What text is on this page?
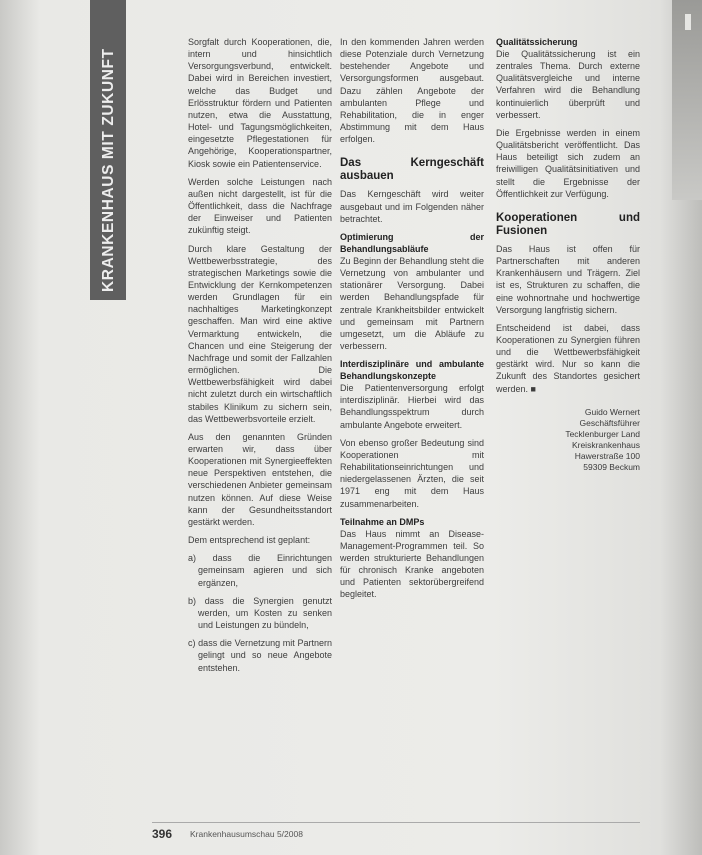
KRANKENHAUS MIT ZUKUNFT

Sorgfalt durch Kooperationen, die, intern und hinsichtlich Versorgungsverbund, entwickelt. Dabei wird in Bereichen investiert, welche das Budget und Erlösstruktur fördern und Patienten nutzen, etwa die Ausstattung, Hotel- und Tagungsmöglichkeiten, eingesetzte Pflegestationen für Angehörige, Kooperationspartner, Kiosk sowie ein Patientenservice.

Werden solche Leistungen nach außen nicht dargestellt, ist für die Öffentlichkeit, dass die Nachfrage der Einweiser und Patienten zukünftig steigt.

Durch klare Gestaltung der Wettbewerbsstrategie, des strategischen Marketings sowie die Entwicklung der Kernkompetenzen werden Grundlagen für ein nachhaltiges Marketingkonzept geschaffen. Man wird eine aktive Vermarktung entwickeln, die Chancen und eine Steigerung der Nachfrage und somit der Fallzahlen ermöglichen. Die Wettbewerbsfähigkeit wird dabei nicht zuletzt durch ein wirtschaftlich stabiles Klinikum zu sichern sein, das Wettbewerbsvorteile erzielt.

Aus den genannten Gründen erwarten wir, dass über Kooperationen mit Synergieeffekten neue Perspektiven entstehen, die verschiedenen Anbieter gemeinsam nutzen können. Auf diese Weise kann der Gesundheitsstandort gestärkt werden.

Dem entsprechend ist geplant:

a) dass die Einrichtungen gemeinsam agieren und sich ergänzen,

b) dass die Synergien genutzt werden, um Kosten zu senken und Leistungen zu bündeln,

c) dass die Vernetzung mit Partnern gelingt und so neue Angebote entstehen.

In den kommenden Jahren werden diese Potenziale durch Vernetzung bestehender Angebote und Versorgungsformen ausgebaut. Dazu zählen Angebote der ambulanten Pflege und Rehabilitation, die in enger Abstimmung mit dem Haus erfolgen.

Das Kerngeschäft ausbauen

Das Kerngeschäft wird weiter ausgebaut und im Folgenden näher betrachtet.

Optimierung der Behandlungsabläufe

Zu Beginn der Behandlung steht die Vernetzung von ambulanter und stationärer Versorgung. Dabei werden Behandlungspfade für zentrale Krankheitsbilder entwickelt und gemeinsam mit Partnern umgesetzt, um die Abläufe zu verbessern.

Interdisziplinäre und ambulante Behandlungskonzepte

Die Patientenversorgung erfolgt interdisziplinär. Hierbei wird das Behandlungsspektrum durch ambulante Angebote erweitert.

Von ebenso großer Bedeutung sind Kooperationen mit Rehabilitationseinrichtungen und niedergelassenen Ärzten, die seit 1971 eng mit dem Haus zusammenarbeiten.

Teilnahme an DMPs

Das Haus nimmt an Disease-Management-Programmen teil. So werden strukturierte Behandlungen für chronisch Kranke angeboten und Patienten sektorübergreifend begleitet.

Qualitätssicherung

Die Qualitätssicherung ist ein zentrales Thema. Durch externe Qualitätsvergleiche und interne Verfahren wird die Behandlung kontinuierlich überprüft und verbessert.

Die Ergebnisse werden in einem Qualitätsbericht veröffentlicht. Das Haus beteiligt sich zudem an freiwilligen Qualitätsinitiativen und stellt die Ergebnisse der Öffentlichkeit zur Verfügung.

Kooperationen und Fusionen

Das Haus ist offen für Partnerschaften mit anderen Krankenhäusern und Trägern. Ziel ist es, Strukturen zu schaffen, die eine wohnortnahe und hochwertige Versorgung langfristig sichern.

Entscheidend ist dabei, dass Kooperationen zu Synergien führen und die Wettbewerbsfähigkeit gestärkt wird. Nur so kann die Zukunft des Standortes gesichert werden. ■

Guido Wernert
Geschäftsführer
Tecklenburger Land Kreiskrankenhaus
Hawerstraße 100
59309 Beckum
396 Krankenhausumschau 5/2008
